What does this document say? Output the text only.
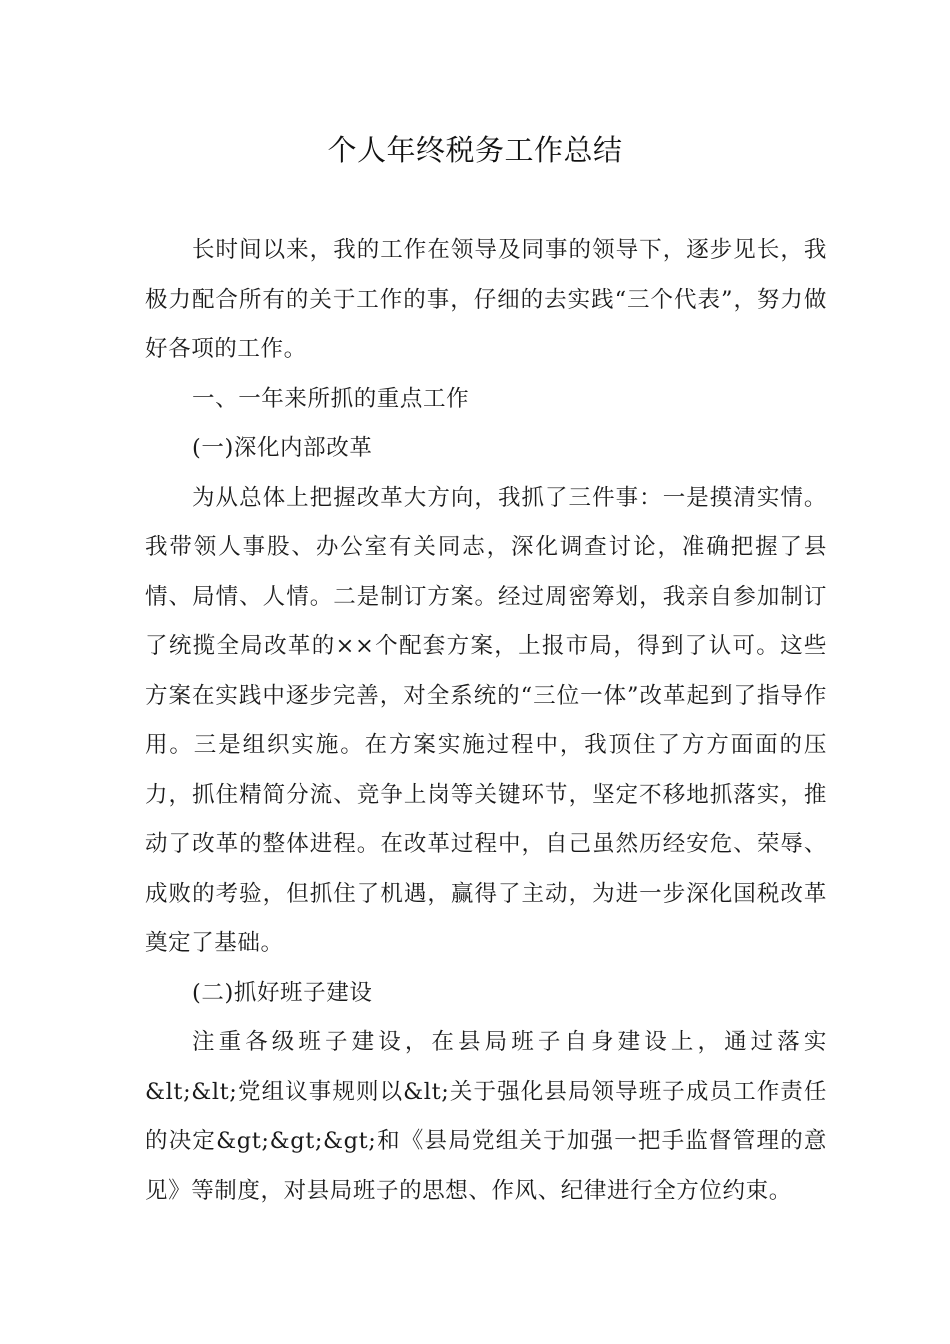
个人年终税务工作总结

长时间以来，我的工作在领导及同事的领导下，逐步见长，我极力配合所有的关于工作的事，仔细的去实践“三个代表”，努力做好各项的工作。

一、一年来所抓的重点工作

(一)深化内部改革

为从总体上把握改革大方向，我抓了三件事：一是摸清实情。我带领人事股、办公室有关同志，深化调查讨论，准确把握了县情、局情、人情。二是制订方案。经过周密筹划，我亲自参加制订了统揽全局改革的××个配套方案，上报市局，得到了认可。这些方案在实践中逐步完善，对全系统的“三位一体”改革起到了指导作用。三是组织实施。在方案实施过程中，我顶住了方方面面的压力，抓住精简分流、竞争上岗等关键环节，坚定不移地抓落实，推动了改革的整体进程。在改革过程中，自己虽然历经安危、荣辱、成败的考验，但抓住了机遇，赢得了主动，为进一步深化国税改革奠定了基础。

(二)抓好班子建设

注重各级班子建设，在县局班子自身建设上，通过落实&lt;&lt;党组议事规则以&lt;关于强化县局领导班子成员工作责任的决定&gt;&gt;&gt;和《县局党组关于加强一把手监督管理的意见》等制度，对县局班子的思想、作风、纪律进行全方位约束。
